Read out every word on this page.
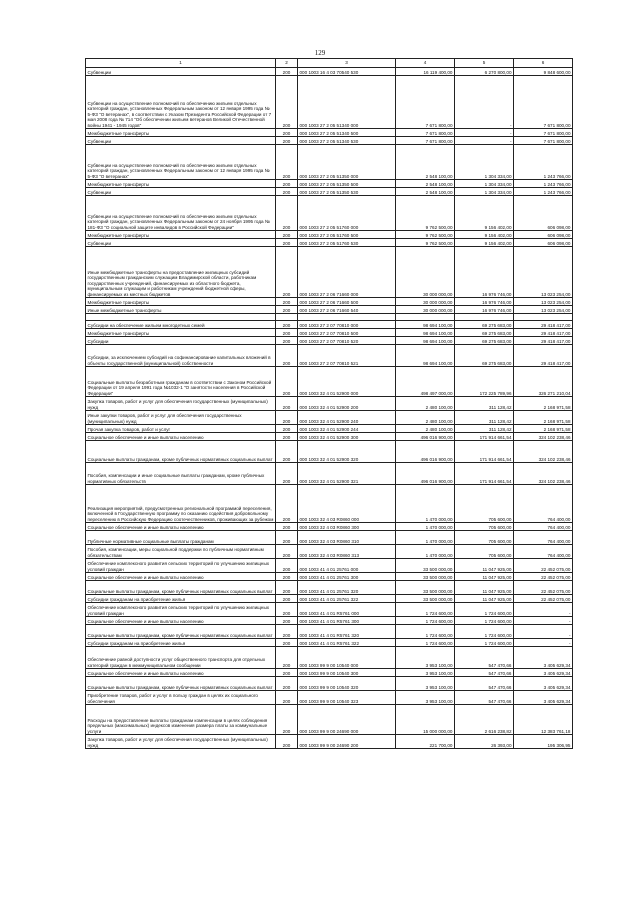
129
1	2	3	4	5	6
Субвенции	200	000 1003 16 4 03 70540 530	16 119 400,00	6 270 800,00	9 848 600,00
Субвенции на осуществление полномочий по обеспечению жильем отдельных категорий граждан, установленных Федеральным законом от 12 января 1995 года № 5-ФЗ "О ветеранах", в соответствии с Указом Президента Российской Федерации от 7 мая 2008 года № 714 "Об обеспечении жильем ветеранов Великой Отечественной войны 1941 - 1945 годов"	200	000 1003 27 2 05 51340 000	7 671 800,00	-	7 671 800,00
Межбюджетные трансферты	200	000 1003 27 2 05 51340 500	7 671 800,00	-	7 671 800,00
Субвенции	200	000 1003 27 2 05 51340 530	7 671 800,00	-	7 671 800,00
Субвенции на осуществление полномочий по обеспечению жильем отдельных категорий граждан, установленных Федеральным законом от 12 января 1995 года № 5-ФЗ "О ветеранах"	200	000 1003 27 2 05 51350 000	2 548 100,00	1 304 334,00	1 243 766,00
Межбюджетные трансферты	200	000 1003 27 2 05 51350 500	2 548 100,00	1 304 334,00	1 243 766,00
Субвенции	200	000 1003 27 2 05 51350 530	2 548 100,00	1 304 334,00	1 243 766,00
Субвенции на осуществление полномочий по обеспечению жильем отдельных категорий граждан, установленных Федеральным законом от 24 ноября 1995 года № 181-ФЗ "О социальной защите инвалидов в Российской Федерации"	200	000 1003 27 2 05 51760 000	9 762 500,00	9 156 402,00	606 098,00
Межбюджетные трансферты	200	000 1003 27 2 05 51760 500	9 762 500,00	9 156 402,00	606 098,00
Субвенции	200	000 1003 27 2 05 51760 530	9 762 500,00	9 156 402,00	606 098,00
Иные межбюджетные трансферты на предоставление жилищных субсидий государственным гражданским служащим Владимирской области, работникам государственных учреждений, финансируемых из областного бюджета, муниципальным служащим и работникам учреждений бюджетной сферы, финансируемых из местных бюджетов	200	000 1003 27 2 06 71660 000	30 000 000,00	16 976 746,00	13 023 254,00
Межбюджетные трансферты	200	000 1003 27 2 06 71660 500	30 000 000,00	16 976 746,00	13 023 254,00
Иные межбюджетные трансферты	200	000 1003 27 2 06 71660 540	30 000 000,00	16 976 746,00	13 023 254,00

Субсидии на обеспечение жильем многодетных семей	200	000 1003 27 2 07 70810 000	98 694 100,00	69 275 683,00	29 418 417,00
Межбюджетные трансферты	200	000 1003 27 2 07 70810 500	98 694 100,00	69 275 683,00	29 418 417,00
Субсидии	200	000 1003 27 2 07 70810 520	98 694 100,00	69 275 683,00	29 418 417,00
Субсидии, за исключением субсидий на софинансирование капитальных вложений в объекты государственной (муниципальной) собственности	200	000 1003 27 2 07 70810 521	98 694 100,00	69 275 683,00	29 418 417,00
Социальные выплаты безработным гражданам в соответствии с Законом Российской Федерации от 19 апреля 1991 года №1032-1 "О занятости населения в Российской Федерации"	200	000 1003 32 4 01 52900 000	498 497 000,00	172 225 789,96	326 271 210,04
Закупка товаров, работ и услуг для обеспечения государственных (муниципальных) нужд	200	000 1003 32 4 01 52900 200	2 480 100,00	311 128,42	2 168 971,58
Иные закупки товаров, работ и услуг для обеспечения государственных (муниципальных) нужд	200	000 1003 32 4 01 52900 240	2 480 100,00	311 128,42	2 168 971,58
Прочая закупка товаров, работ и услуг	200	000 1003 32 4 01 52900 244	2 480 100,00	311 128,42	2 168 971,58
Социальное обеспечение и иные выплаты населению	200	000 1003 32 4 01 52900 300	496 016 900,00	171 914 661,54	324 102 238,46
Социальные выплаты гражданам, кроме публичных нормативных социальных выплат	200	000 1003 32 4 01 52900 320	496 016 900,00	171 914 661,54	324 102 238,46
Пособия, компенсации и иные социальные выплаты гражданам, кроме публичных нормативных обязательств	200	000 1003 32 4 01 52900 321	496 016 900,00	171 914 661,54	324 102 238,46
Реализация мероприятий, предусмотренных региональной программой переселения, включенной в Государственную программу по оказанию содействия добровольному переселению в Российскую Федерацию соотечественников, проживающих за рубежом	200	000 1003 32 4 03 R0860 000	1 470 000,00	705 600,00	764 400,00
Социальное обеспечение и иные выплаты населению	200	000 1003 32 4 03 R0860 300	1 470 000,00	705 600,00	764 400,00
Публичные нормативные социальные выплаты гражданам	200	000 1003 32 4 03 R0860 310	1 470 000,00	705 600,00	764 400,00
Пособия, компенсации, меры социальной поддержки по публичным нормативным обязательствам	200	000 1003 32 4 03 R0860 313	1 470 000,00	705 600,00	764 400,00
Обеспечение комплексного развития сельских территорий по улучшению жилищных условий граждан	200	000 1003 41 4 01 25761 000	33 500 000,00	11 047 925,00	22 452 075,00
Социальное обеспечение и иные выплаты населению	200	000 1003 41 4 01 25761 300	33 500 000,00	11 047 925,00	22 452 075,00
Социальные выплаты гражданам, кроме публичных нормативных социальных выплат	200	000 1003 41 4 01 25761 320	33 500 000,00	11 047 925,00	22 452 075,00
Субсидии гражданам на приобретение жилья	200	000 1003 41 4 01 25761 322	33 500 000,00	11 047 925,00	22 452 075,00
Обеспечение комплексного развития сельских территорий по улучшению жилищных условий граждан	200	000 1003 41 4 01 R5761 000	1 724 600,00	1 724 600,00	-
Социальное обеспечение и иные выплаты населению	200	000 1003 41 4 01 R5761 300	1 724 600,00	1 724 600,00	-
Социальные выплаты гражданам, кроме публичных нормативных социальных выплат	200	000 1003 41 4 01 R5761 320	1 724 600,00	1 724 600,00	-
Субсидии гражданам на приобретение жилья	200	000 1003 41 4 01 R5761 322	1 724 600,00	1 724 600,00	-
Обеспечение равной доступности услуг общественного транспорта для отдельных категорий граждан в межмуниципальном сообщении	200	000 1003 99 9 00 10540 000	3 953 100,00	547 470,66	3 405 629,34
Социальное обеспечение и иные выплаты населению	200	000 1003 99 9 00 10540 300	3 953 100,00	547 470,66	3 405 629,34
Социальные выплаты гражданам, кроме публичных нормативных социальных выплат	200	000 1003 99 9 00 10540 320	3 953 100,00	547 470,66	3 405 629,34
Приобретение товаров, работ и услуг в пользу граждан в целях их социального обеспечения	200	000 1003 99 9 00 10540 323	3 953 100,00	547 470,66	3 405 629,34
Расходы на предоставление выплаты гражданам компенсации в целях соблюдения предельных (максимальных) индексов изменения размера платы за коммунальные услуги	200	000 1003 99 9 00 24690 000	15 000 000,00	2 616 238,82	12 383 761,18
Закупка товаров, работ и услуг для обеспечения государственных (муниципальных) нужд	200	000 1003 99 9 00 24690 200	221 700,00	26 393,00	195 306,95
